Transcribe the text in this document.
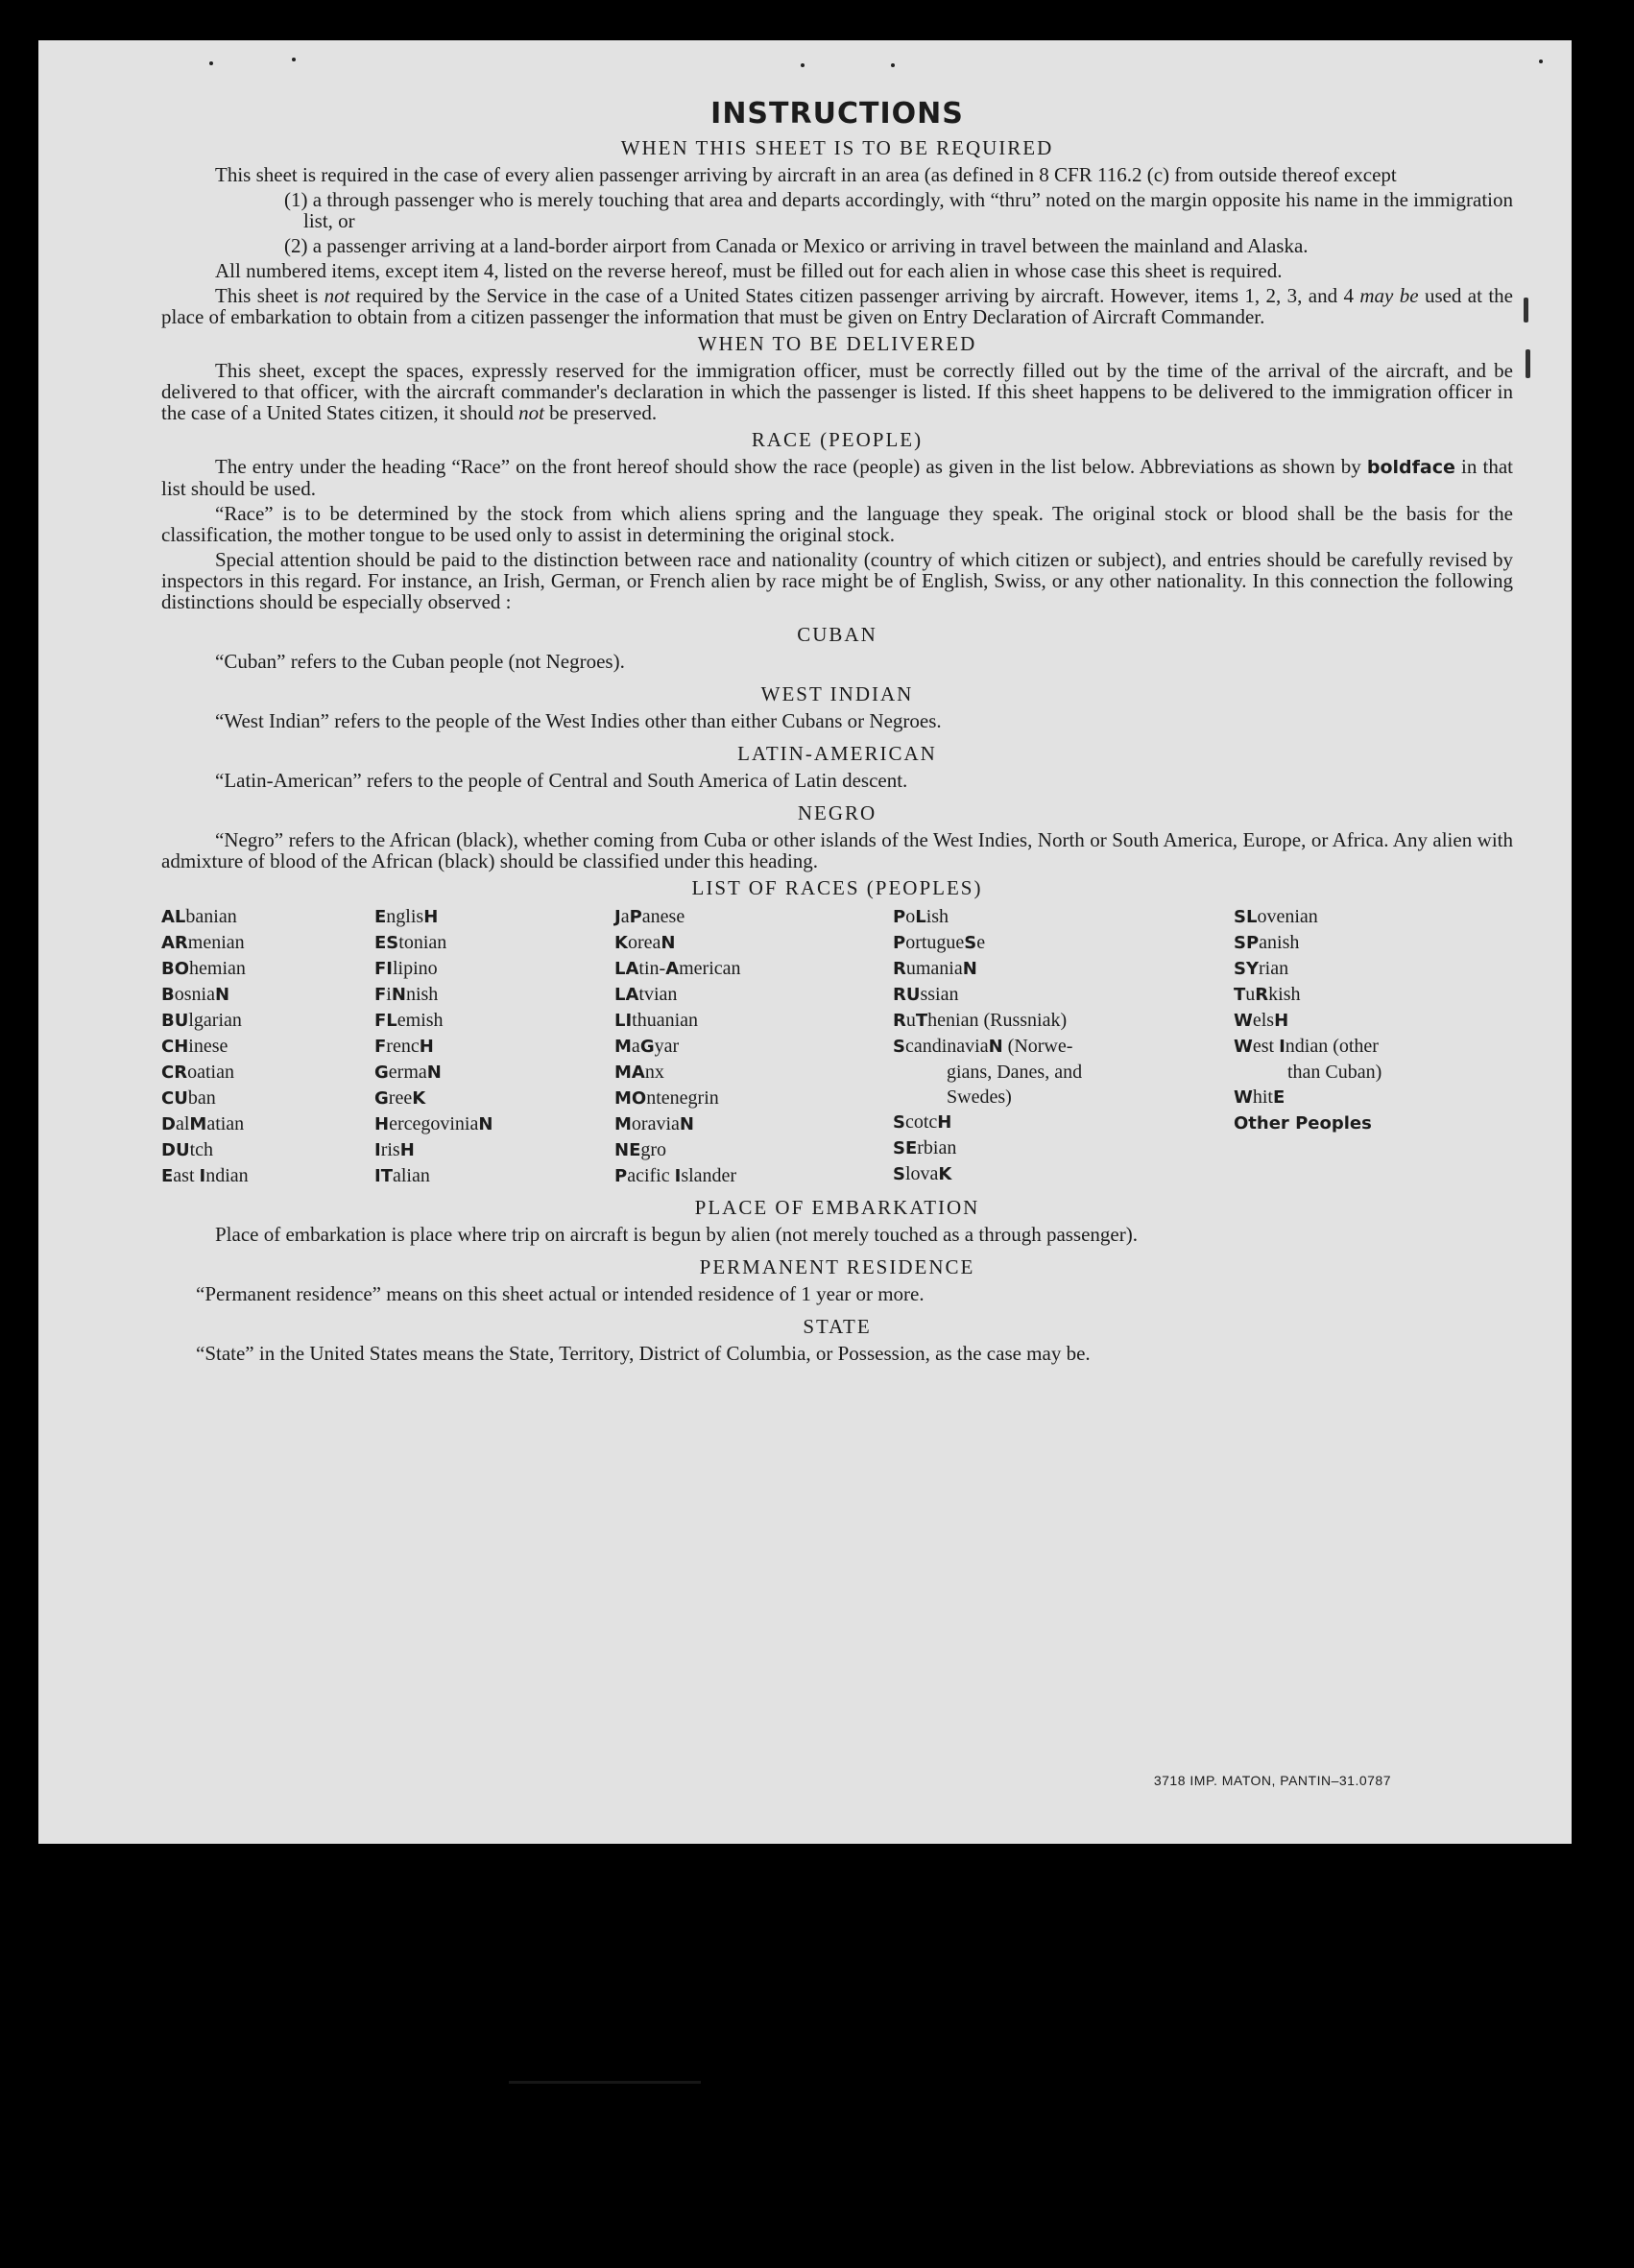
INSTRUCTIONS
WHEN THIS SHEET IS TO BE REQUIRED

This sheet is required in the case of every alien passenger arriving by aircraft in an area (as defined in 8 CFR 116.2 (c) from outside thereof except

(1) a through passenger who is merely touching that area and departs accordingly, with “thru” noted on the margin opposite his name in the immigration list, or

(2) a passenger arriving at a land-border airport from Canada or Mexico or arriving in travel between the mainland and Alaska.

All numbered items, except item 4, listed on the reverse hereof, must be filled out for each alien in whose case this sheet is required.

This sheet is not required by the Service in the case of a United States citizen passenger arriving by aircraft. However, items 1, 2, 3, and 4 may be used at the place of embarkation to obtain from a citizen passenger the information that must be given on Entry Declaration of Aircraft Commander.

WHEN TO BE DELIVERED

This sheet, except the spaces, expressly reserved for the immigration officer, must be correctly filled out by the time of the arrival of the aircraft, and be delivered to that officer, with the aircraft commander's declaration in which the passenger is listed. If this sheet happens to be delivered to the immigration officer in the case of a United States citizen, it should not be preserved.

RACE (PEOPLE)

The entry under the heading “Race” on the front hereof should show the race (people) as given in the list below. Abbreviations as shown by boldface in that list should be used.

“Race” is to be determined by the stock from which aliens spring and the language they speak. The original stock or blood shall be the basis for the classification, the mother tongue to be used only to assist in determining the original stock.

Special attention should be paid to the distinction between race and nationality (country of which citizen or subject), and entries should be carefully revised by inspectors in this regard. For instance, an Irish, German, or French alien by race might be of English, Swiss, or any other nationality. In this connection the following distinctions should be especially observed :

CUBAN

“Cuban” refers to the Cuban people (not Negroes).

WEST INDIAN

“West Indian” refers to the people of the West Indies other than either Cubans or Negroes.

LATIN-AMERICAN

“Latin-American” refers to the people of Central and South America of Latin descent.

NEGRO

“Negro” refers to the African (black), whether coming from Cuba or other islands of the West Indies, North or South America, Europe, or Africa. Any alien with admixture of blood of the African (black) should be classified under this heading.

LIST OF RACES (PEOPLES)
ALbanian
ARmenian
BOhemian
BosniaN
BUlgarian
CHinese
CRoatian
CUban
DalMatian
DUtch
East Indian
EnglisH
EStonian
FIlipino
FiNnish
FLemish
FrencH
GermaN
GreeK
HercegoviniaN
IrisH
ITalian
JaPanese
KoreaN
LAtin-American
LAtvian
LIthuanian
MaGyar
MAnx
MOntenegrin
MoraviaN
NEgro
Pacific Islander
PoLish
PortugueSe
RumaniaN
RUssian
RuThenian (Russniak)
ScandinaviaN (Norwe-
gians, Danes, and
Swedes)
ScotcH
SErbian
SlovaK
SLovenian
SPanish
SYrian
TuRkish
WelsH
West Indian (other
than Cuban)
WhitE
Other Peoples
PLACE OF EMBARKATION

Place of embarkation is place where trip on aircraft is begun by alien (not merely touched as a through passenger).

PERMANENT RESIDENCE

“Permanent residence” means on this sheet actual or intended residence of 1 year or more.

STATE

“State” in the United States means the State, Territory, District of Columbia, or Possession, as the case may be.

3718 IMP. MATON, PANTIN–31.0787
